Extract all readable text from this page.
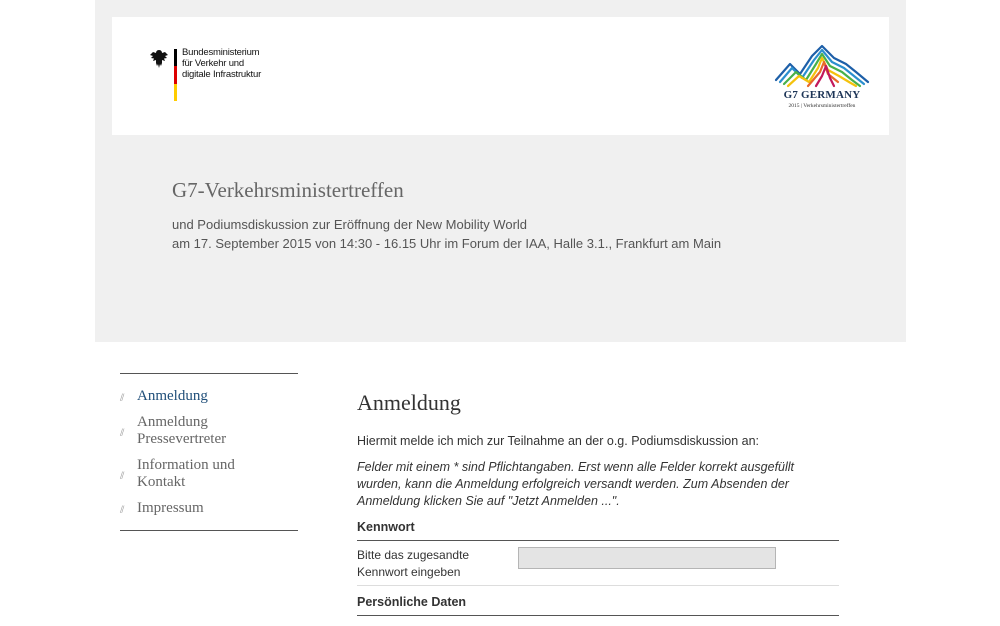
Bundesministerium
für Verkehr und
digitale Infrastruktur
G7 GERMANY
2015 | Verkehrsministertreffen
G7-Verkehrsministertreffen
und Podiumsdiskussion zur Eröffnung der New Mobility World
am 17. September 2015 von 14:30 - 16.15 Uhr im Forum der IAA, Halle 3.1., Frankfurt am Main
⫽ Anmeldung
⫽
Anmeldung Pressevertreter
⫽
Information und Kontakt
⫽ Impressum
Anmeldung

Hiermit melde ich mich zur Teilnahme an der o.g. Podiumsdiskussion an:

Felder mit einem * sind Pflichtangaben. Erst wenn alle Felder korrekt ausgefüllt wurden, kann die Anmeldung erfolgreich versandt werden. Zum Absenden der Anmeldung klicken Sie auf "Jetzt Anmelden ...".

Kennwort
Bitte das zugesandte Kennwort eingeben
Persönliche Daten
